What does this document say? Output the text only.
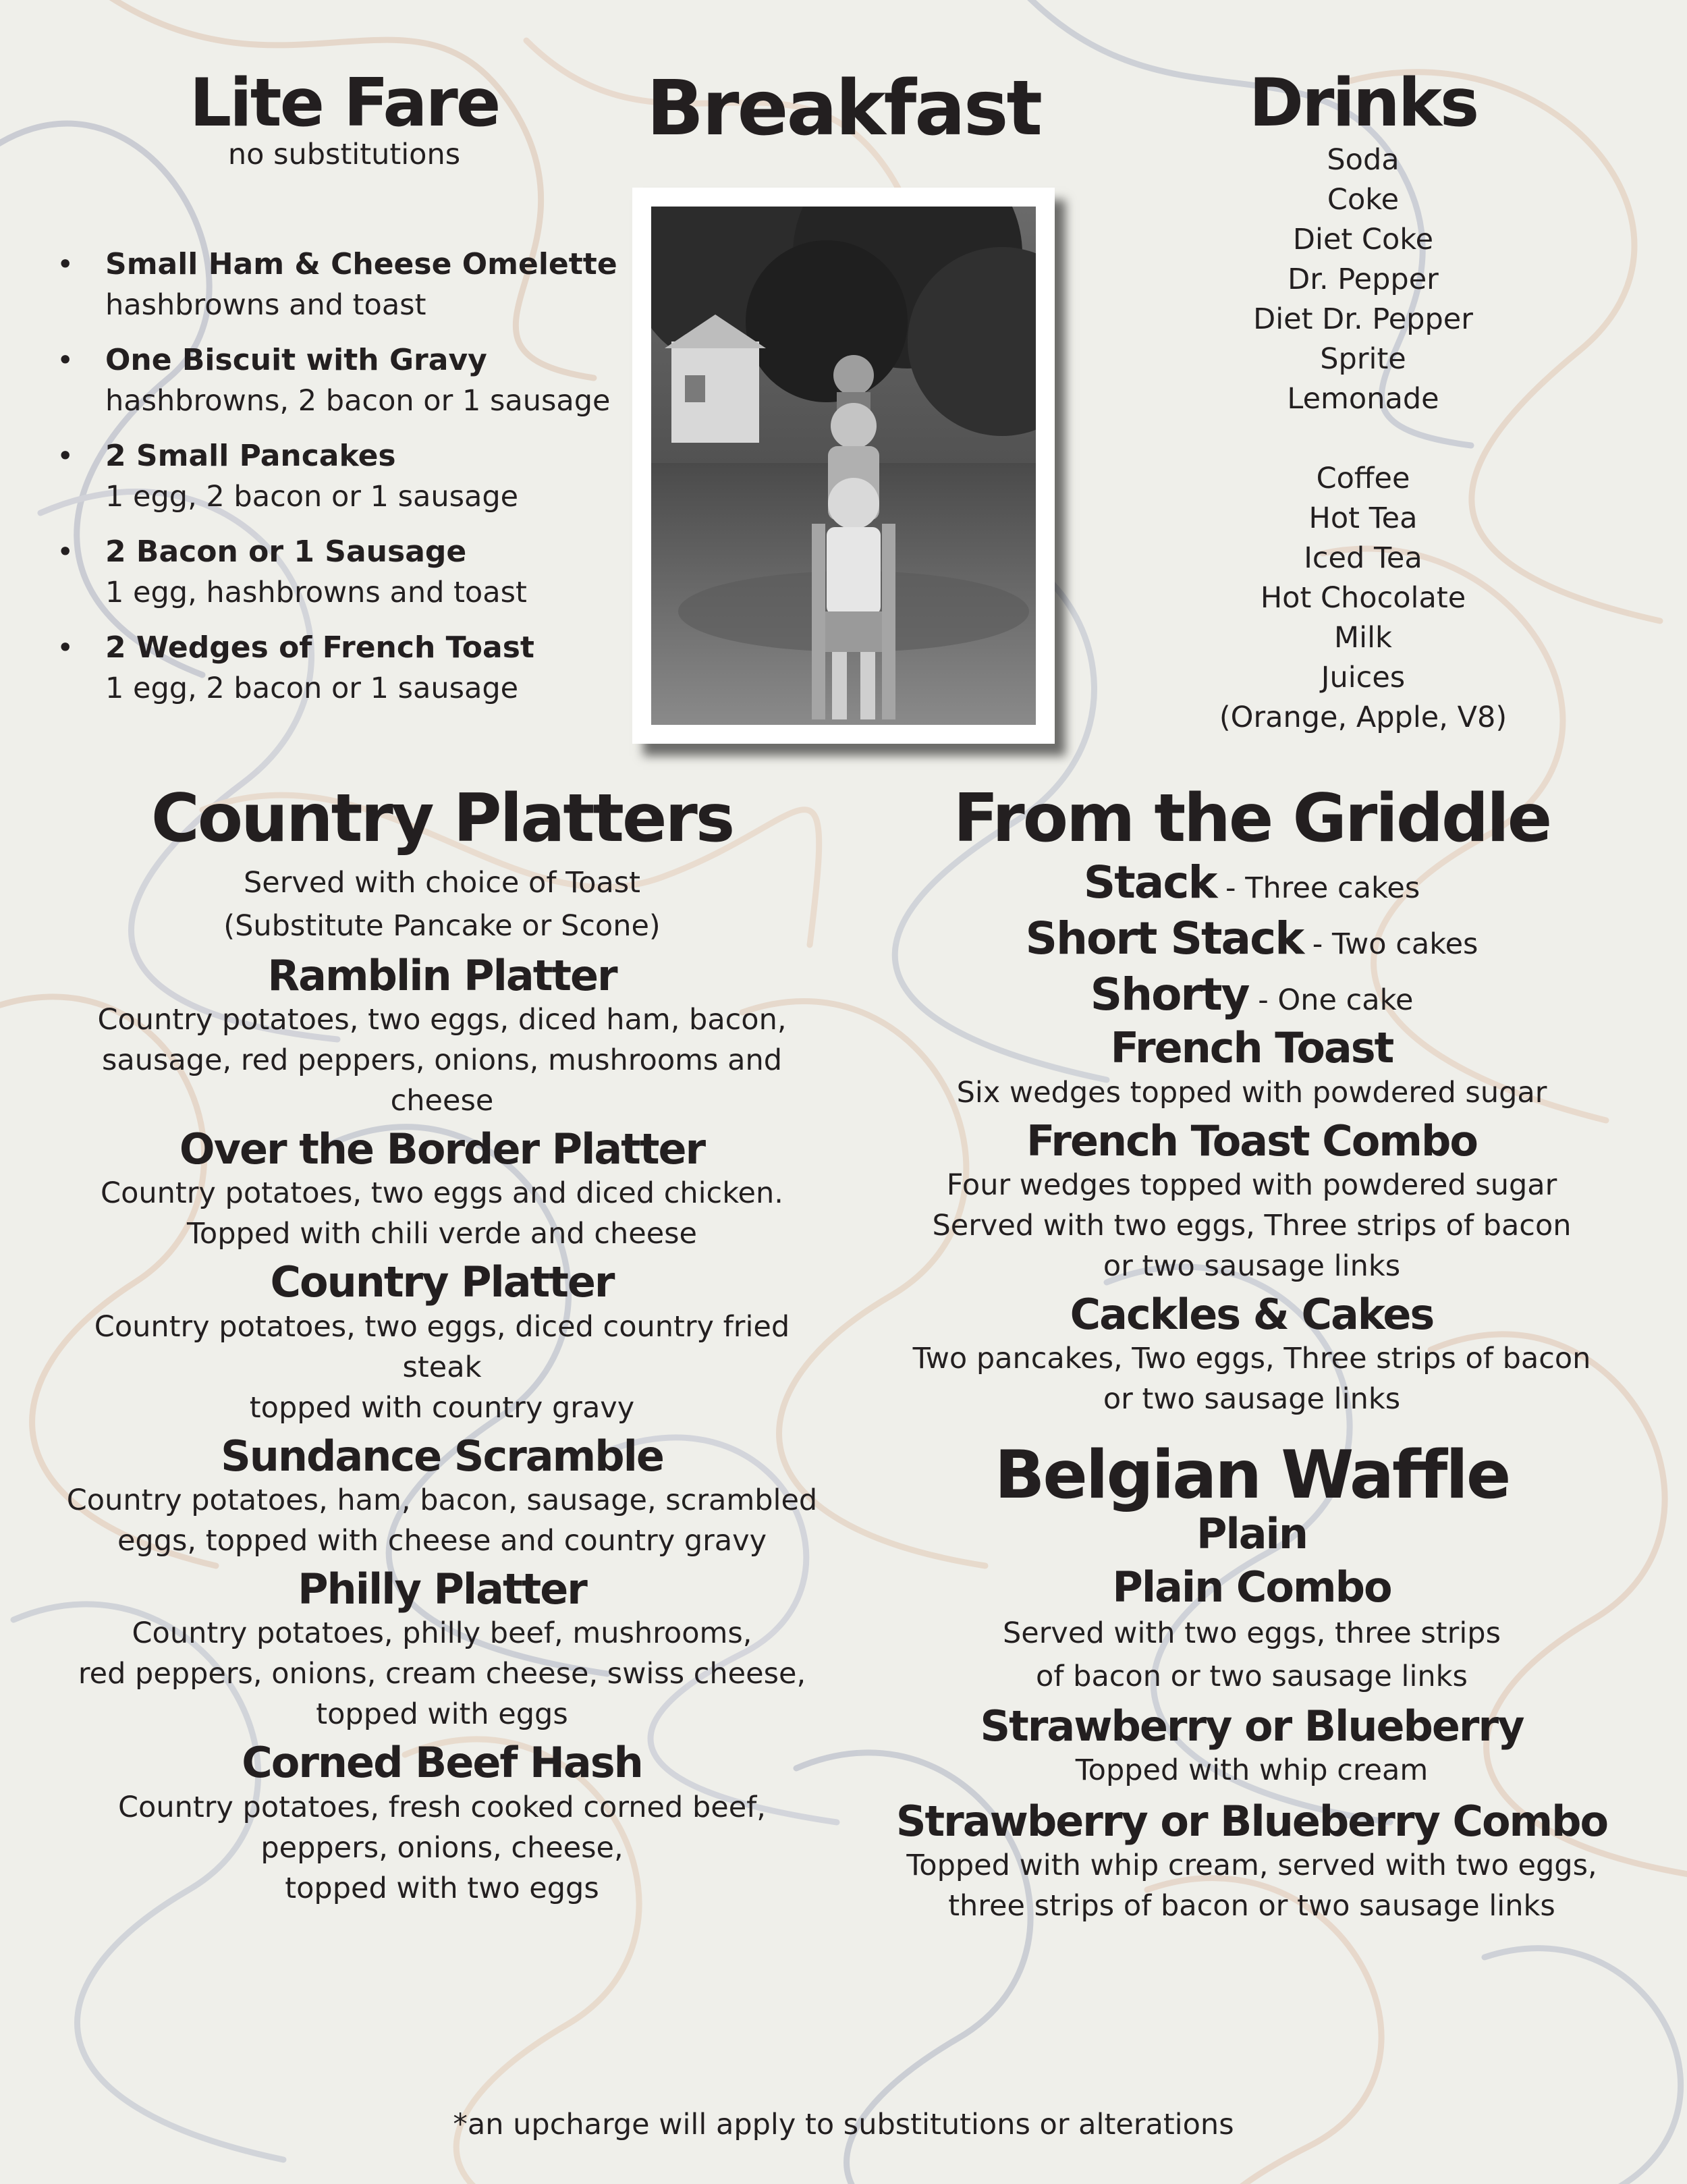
Lite Fare
no substitutions
• Small Ham & Cheese Omelette
hashbrowns and toast
• One Biscuit with Gravy
hashbrowns, 2 bacon or 1 sausage
• 2 Small Pancakes
1 egg, 2 bacon or 1 sausage
• 2 Bacon or 1 Sausage
1 egg, hashbrowns and toast
• 2 Wedges of French Toast
1 egg, 2 bacon or 1 sausage
Breakfast	Drinks
Soda
Coke
Diet Coke
Dr. Pepper
Diet Dr. Pepper
Sprite
Lemonade
Coffee
Hot Tea
Iced Tea
Hot Chocolate
Milk
Juices
(Orange, Apple, V8)
Country Platters
Served with choice of Toast
(Substitute Pancake or Scone)
Ramblin Platter
Country potatoes, two eggs, diced ham, bacon,
sausage, red peppers, onions, mushrooms and cheese
Over the Border Platter
Country potatoes, two eggs and diced chicken.
Topped with chili verde and cheese
Country Platter
Country potatoes, two eggs, diced country fried steak
topped with country gravy
Sundance Scramble
Country potatoes, ham, bacon, sausage, scrambled
eggs, topped with cheese and country gravy
Philly Platter
Country potatoes, philly beef, mushrooms,
red peppers, onions, cream cheese, swiss cheese,
topped with eggs
Corned Beef Hash
Country potatoes, fresh cooked corned beef,
peppers, onions, cheese,
topped with two eggs
From the Griddle
Stack - Three cakes
Short Stack - Two cakes
Shorty - One cake
French Toast
Six wedges topped with powdered sugar
French Toast Combo
Four wedges topped with powdered sugar
Served with two eggs, Three strips of bacon
or two sausage links
Cackles & Cakes
Two pancakes, Two eggs, Three strips of bacon
or two sausage links
Belgian Waffle
Plain
Plain Combo
Served with two eggs, three strips
of bacon or two sausage links
Strawberry or Blueberry
Topped with whip cream
Strawberry or Blueberry Combo
Topped with whip cream, served with two eggs,
three strips of bacon or two sausage links
*an upcharge will apply to substitutions or alterations
